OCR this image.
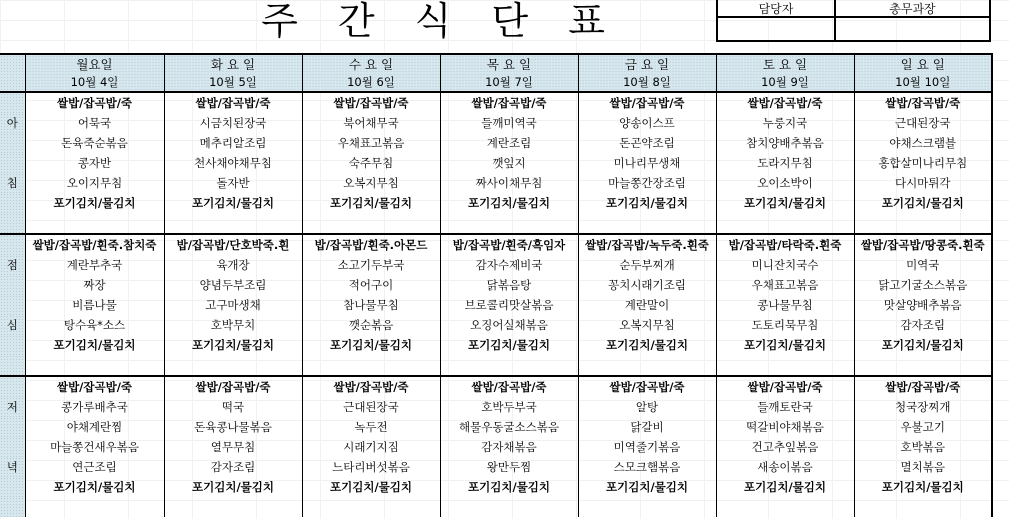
주 간 식 단 표	담당자	총무과장

	월요일	화 요 일	수 요 일	목 요 일	금 요 일	토 요 일	일 요 일
	10월 4일	10월 5일	10월 6일	10월 7일	10월 8일	10월 9일	10월 10일
	쌀밥/잡곡밥/죽	쌀밥/잡곡밥/죽	쌀밥/잡곡밥/죽	쌀밥/잡곡밥/죽	쌀밥/잡곡밥/죽	쌀밥/잡곡밥/죽	쌀밥/잡곡밥/죽
아	어묵국	시금치된장국	북어채무국	들깨미역국	양송이스프	누룽지국	근대된장국
	돈육죽순볶음	메추리알조림	우채표고볶음	계란조림	돈곤약조림	참치양배추볶음	야채스크램블
	콩자반	천사채야채무침	숙주무침	깻잎지	미나리무생채	도라지무침	홍합살미나리무침
침	오이지무침	돌자반	오복지무침	짜사이채무침	마늘쫑간장조림	오이소박이	다시마튀각
	포기김치/물김치	포기김치/물김치	포기김치/물김치	포기김치/물김치	포기김치/물김치	포기김치/물김치	포기김치/물김치

	쌀밥/잡곡밥/흰죽.참치죽	밥/잡곡밥/단호박죽.흰	밥/잡곡밥/흰죽.아몬드	밥/잡곡밥/흰죽/흑임자	쌀밥/잡곡밥/녹두죽.흰죽	밥/잡곡밥/타락죽.흰죽	쌀밥/잡곡밥/땅콩죽.흰죽
점	계란부추국	육개장	소고기두부국	감자수제비국	순두부찌개	미니잔치국수	미역국
	짜장	양념두부조림	적어구이	닭볶음탕	꽁치시래기조림	우채표고볶음	닭고기굴소스볶음
	비름나물	고구마생채	참나물무침	브로콜리맛살볶음	계란말이	콩나물무침	맛살양배추볶음
심	탕수육*소스	호박무치	깻순볶음	오징어실채볶음	오복지무침	도토리묵무침	감자조림
	포기김치/물김치	포기김치/물김치	포기김치/물김치	포기김치/물김치	포기김치/물김치	포기김치/물김치	포기김치/물김치

	쌀밥/잡곡밥/죽	쌀밥/잡곡밥/죽	쌀밥/잡곡밥/죽	쌀밥/잡곡밥/죽	쌀밥/잡곡밥/죽	쌀밥/잡곡밥/죽	쌀밥/잡곡밥/죽
저	콩가루배추국	떡국	근대된장국	호박두부국	알탕	들깨토란국	청국장찌개
	야채계란찜	돈육콩나물볶음	녹두전	해물우동굴소스볶음	닭갈비	떡갈비야채볶음	우불고기
	마늘쫑건새우볶음	열무무침	시래기지짐	감자채볶음	미역줄기볶음	건고추잎볶음	호박볶음
녁	연근조림	감자조림	느타리버섯볶음	왕만두찜	스모크햄볶음	새송이볶음	멸치볶음
	포기김치/물김치	포기김치/물김치	포기김치/물김치	포기김치/물김치	포기김치/물김치	포기김치/물김치	포기김치/물김치
